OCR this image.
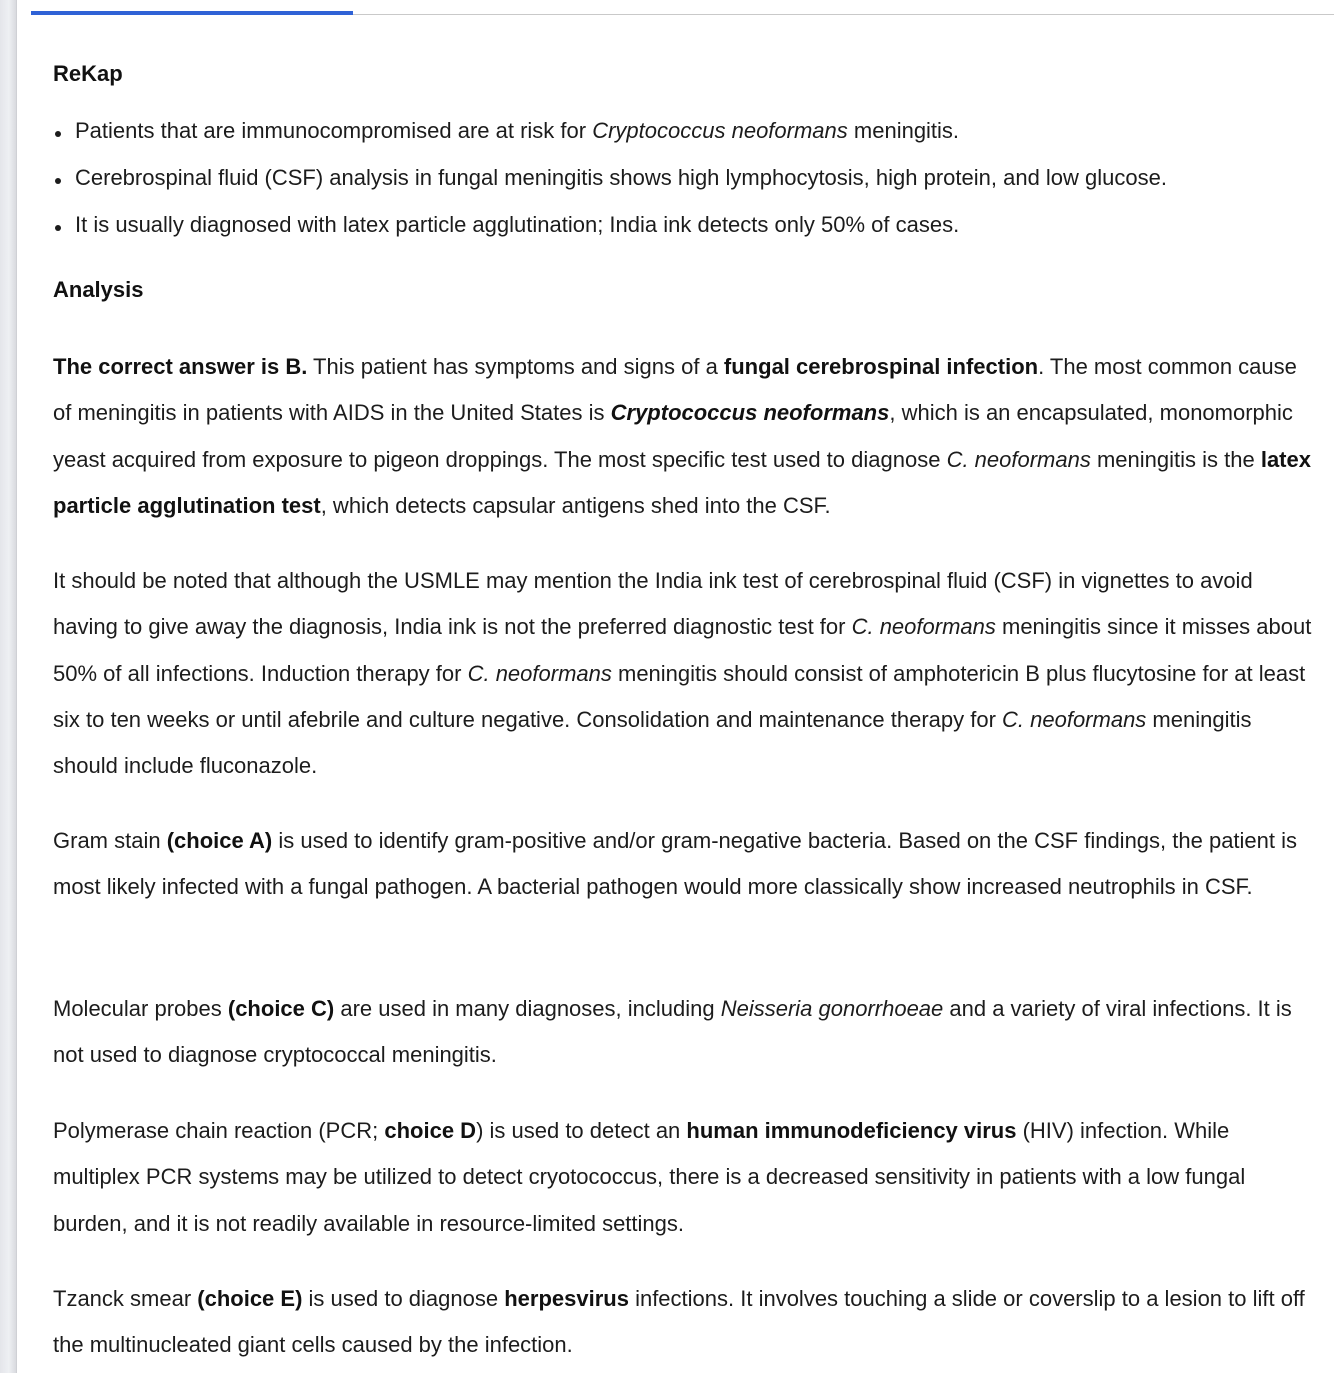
ReKap
Patients that are immunocompromised are at risk for Cryptococcus neoformans meningitis.
Cerebrospinal fluid (CSF) analysis in fungal meningitis shows high lymphocytosis, high protein, and low glucose.
It is usually diagnosed with latex particle agglutination; India ink detects only 50% of cases.
Analysis

The correct answer is B. This patient has symptoms and signs of a fungal cerebrospinal infection. The most common cause of meningitis in patients with AIDS in the United States is Cryptococcus neoformans, which is an encapsulated, monomorphic yeast acquired from exposure to pigeon droppings. The most specific test used to diagnose C. neoformans meningitis is the latex particle agglutination test, which detects capsular antigens shed into the CSF.

It should be noted that although the USMLE may mention the India ink test of cerebrospinal fluid (CSF) in vignettes to avoid having to give away the diagnosis, India ink is not the preferred diagnostic test for C. neoformans meningitis since it misses about 50% of all infections. Induction therapy for C. neoformans meningitis should consist of amphotericin B plus flucytosine for at least six to ten weeks or until afebrile and culture negative. Consolidation and maintenance therapy for C. neoformans meningitis should include fluconazole.

Gram stain (choice A) is used to identify gram-positive and/or gram-negative bacteria. Based on the CSF findings, the patient is most likely infected with a fungal pathogen. A bacterial pathogen would more classically show increased neutrophils in CSF.

Molecular probes (choice C) are used in many diagnoses, including Neisseria gonorrhoeae and a variety of viral infections. It is not used to diagnose cryptococcal meningitis.

Polymerase chain reaction (PCR; choice D) is used to detect an human immunodeficiency virus (HIV) infection. While multiplex PCR systems may be utilized to detect cryotococcus, there is a decreased sensitivity in patients with a low fungal burden, and it is not readily available in resource-limited settings.

Tzanck smear (choice E) is used to diagnose herpesvirus infections. It involves touching a slide or coverslip to a lesion to lift off the multinucleated giant cells caused by the infection.
